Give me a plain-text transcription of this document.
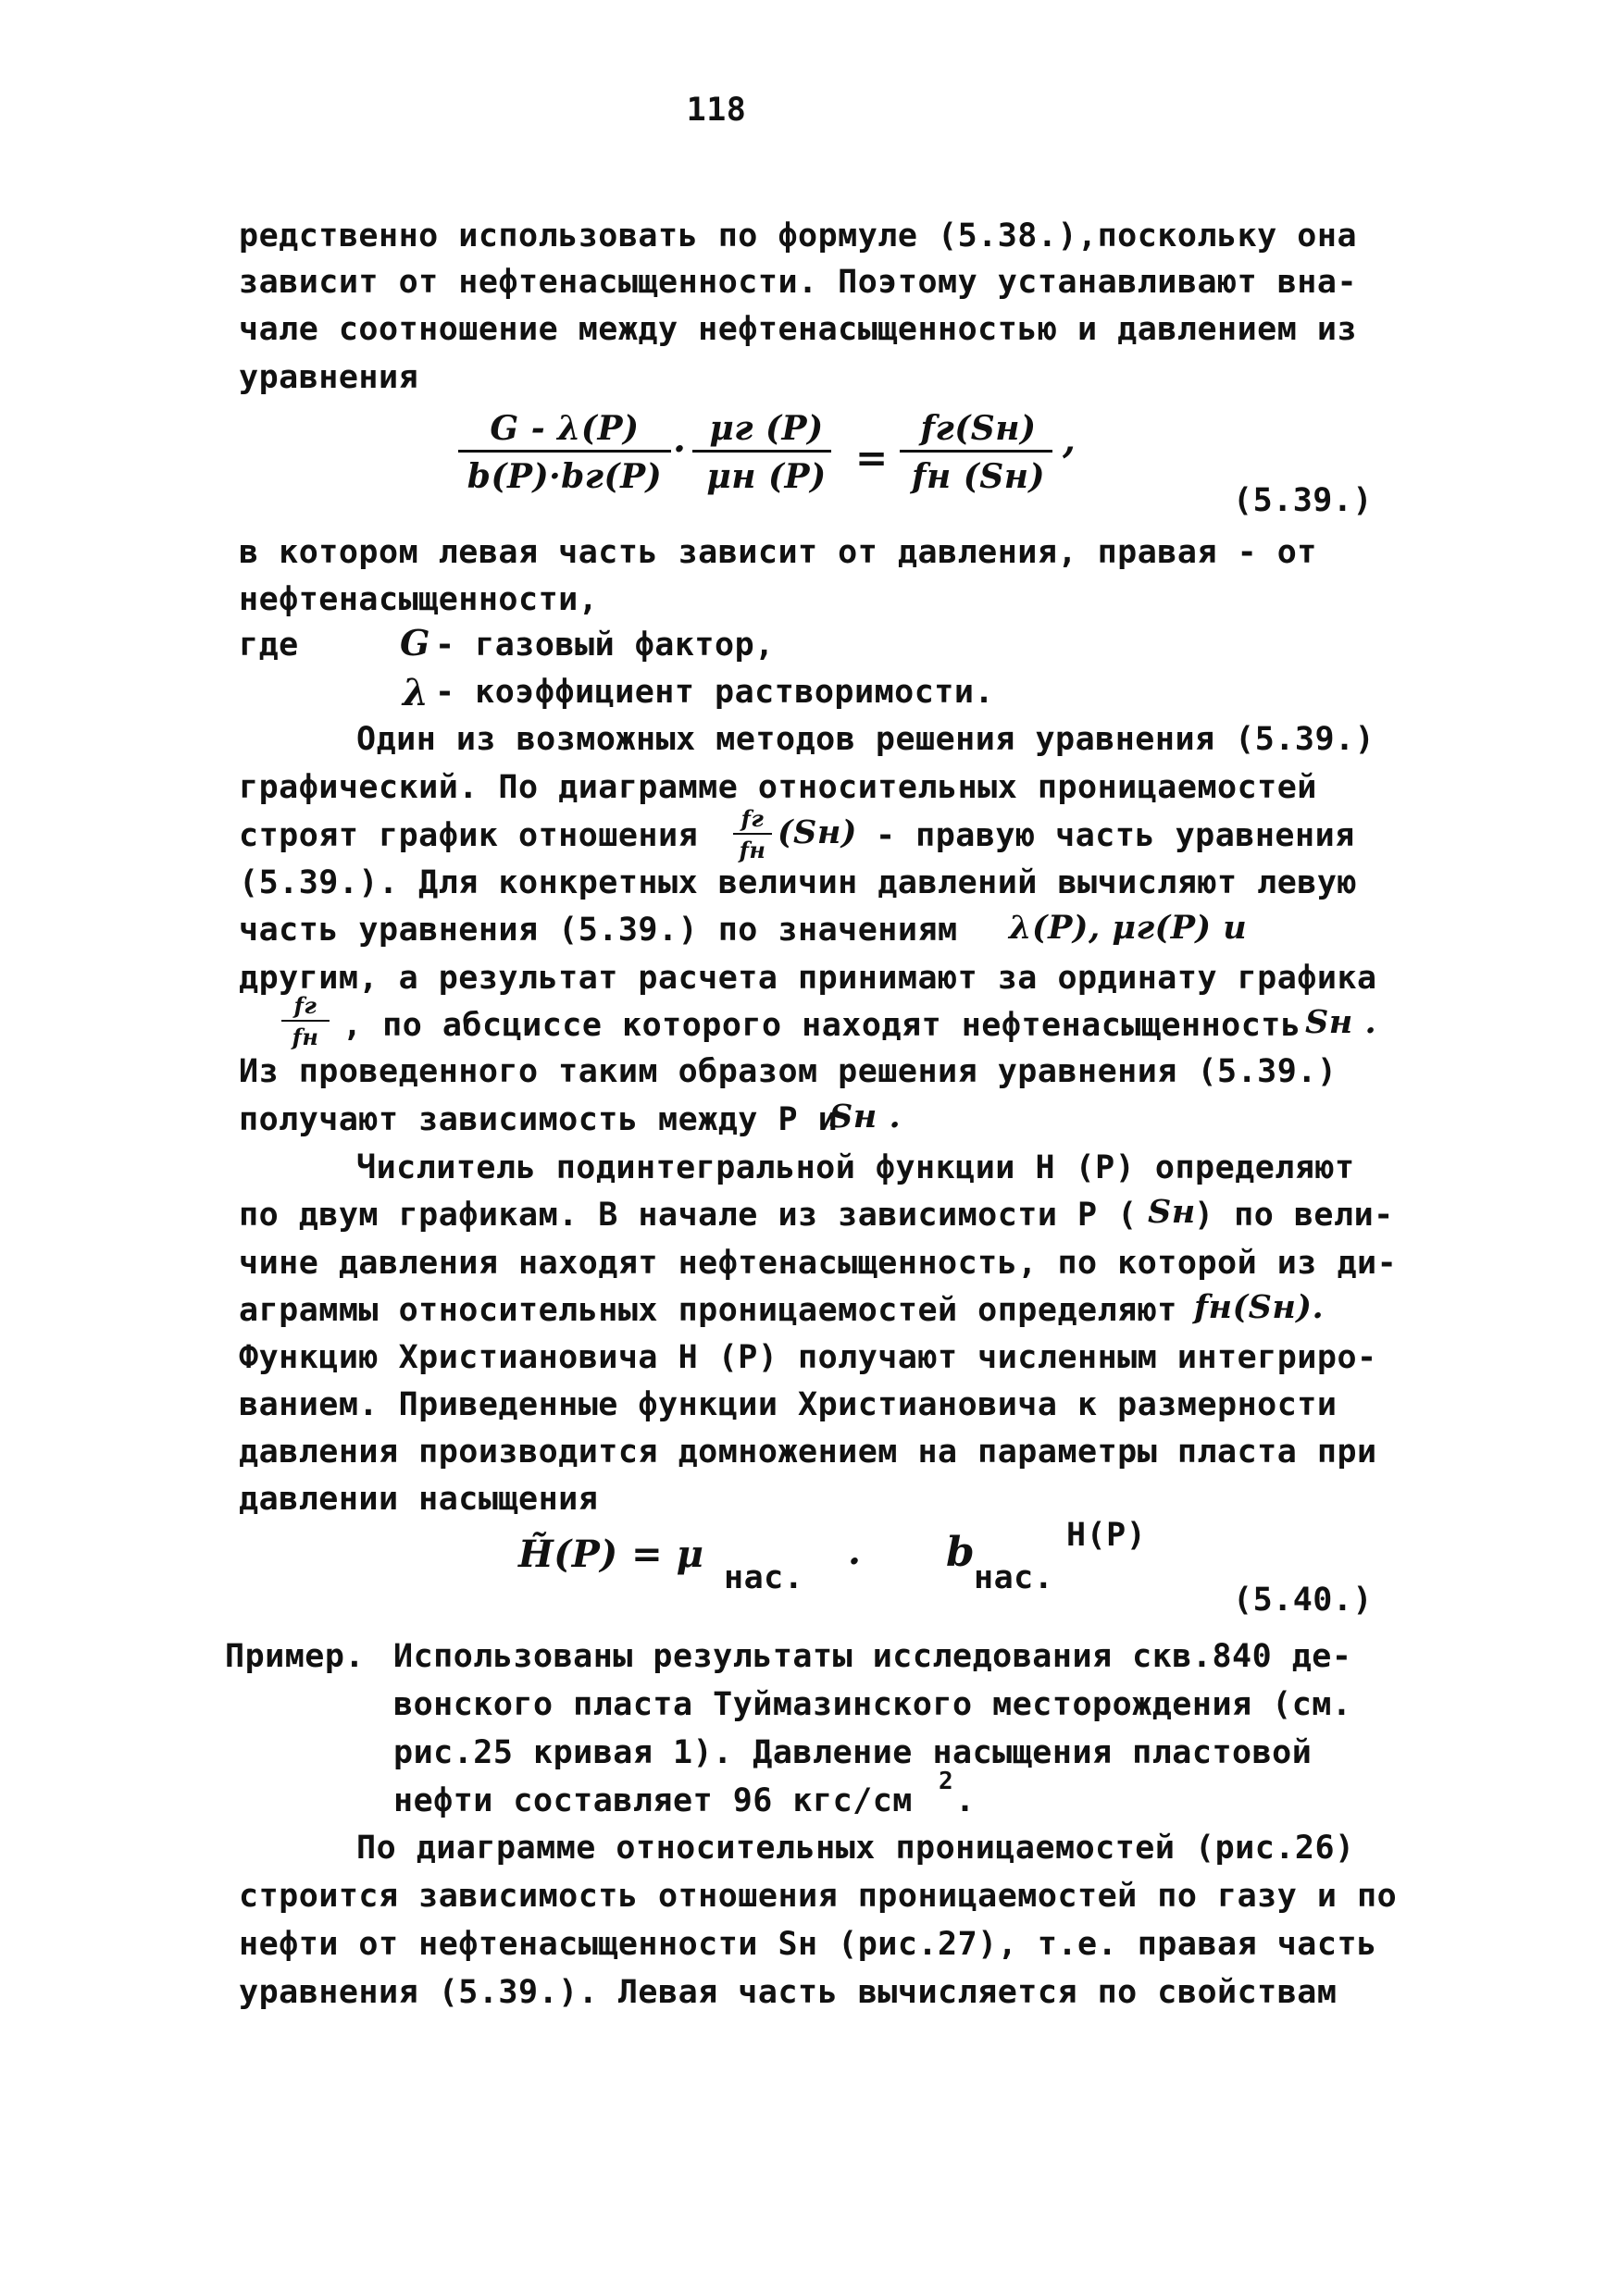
118
редственно использовать по формуле (5.38.),поскольку она
зависит от нефтенасыщенности. Поэтому устанавливают вна-
чале соотношение между нефтенасыщенностью и давлением из
уравнения
G - λ(P)
b(P)·bг(P)
. μг (P)
μн (P) =
fг(Sн)
fн (Sн)
,
(5.39.)
в котором левая часть зависит от давления, правая - от
нефтенасыщенности,
где	G - газовый фактор,
λ - коэффициент растворимости.
Один из возможных методов решения уравнения (5.39.)
графический. По диаграмме относительных проницаемостей
строят график отношения	fг
fн (Sн) - правую часть уравнения
(5.39.). Для конкретных величин давлений вычисляют левую
часть уравнения (5.39.) по значениям λ(P), μг(P) и
другим, а результат расчета принимают за ординату графика
fг
fн , по абсциссе которого находят нефтенасыщенность Sн .
Из проведенного таким образом решения уравнения (5.39.)
получают зависимость между Р и
Sн .
Числитель подинтегральной функции Н (Р) определяют
по двум графикам. В начале из зависимости Р ( Sн
) по вели-
чине давления находят нефтенасыщенность, по которой из ди-
аграммы относительных проницаемостей определяют fн(Sн).
Функцию Христиановича Н (Р) получают численным интегриро-
ванием. Приведенные функции Христиановича к размерности
давления производится домножением на параметры пласта при
давлении насыщения
H̃(P) = μ
нас. · b
нас.
H(P)
(5.40.)
Пример. Использованы результаты исследования скв.840 де-
вонского пласта Туймазинского месторождения (см.
рис.25 кривая 1). Давление насыщения пластовой
нефти составляет 96 кгс/см
2
.
По диаграмме относительных проницаемостей (рис.26)
строится зависимость отношения проницаемостей по газу и по
нефти от нефтенасыщенности Sн (рис.27), т.е. правая часть
уравнения (5.39.). Левая часть вычисляется по свойствам
